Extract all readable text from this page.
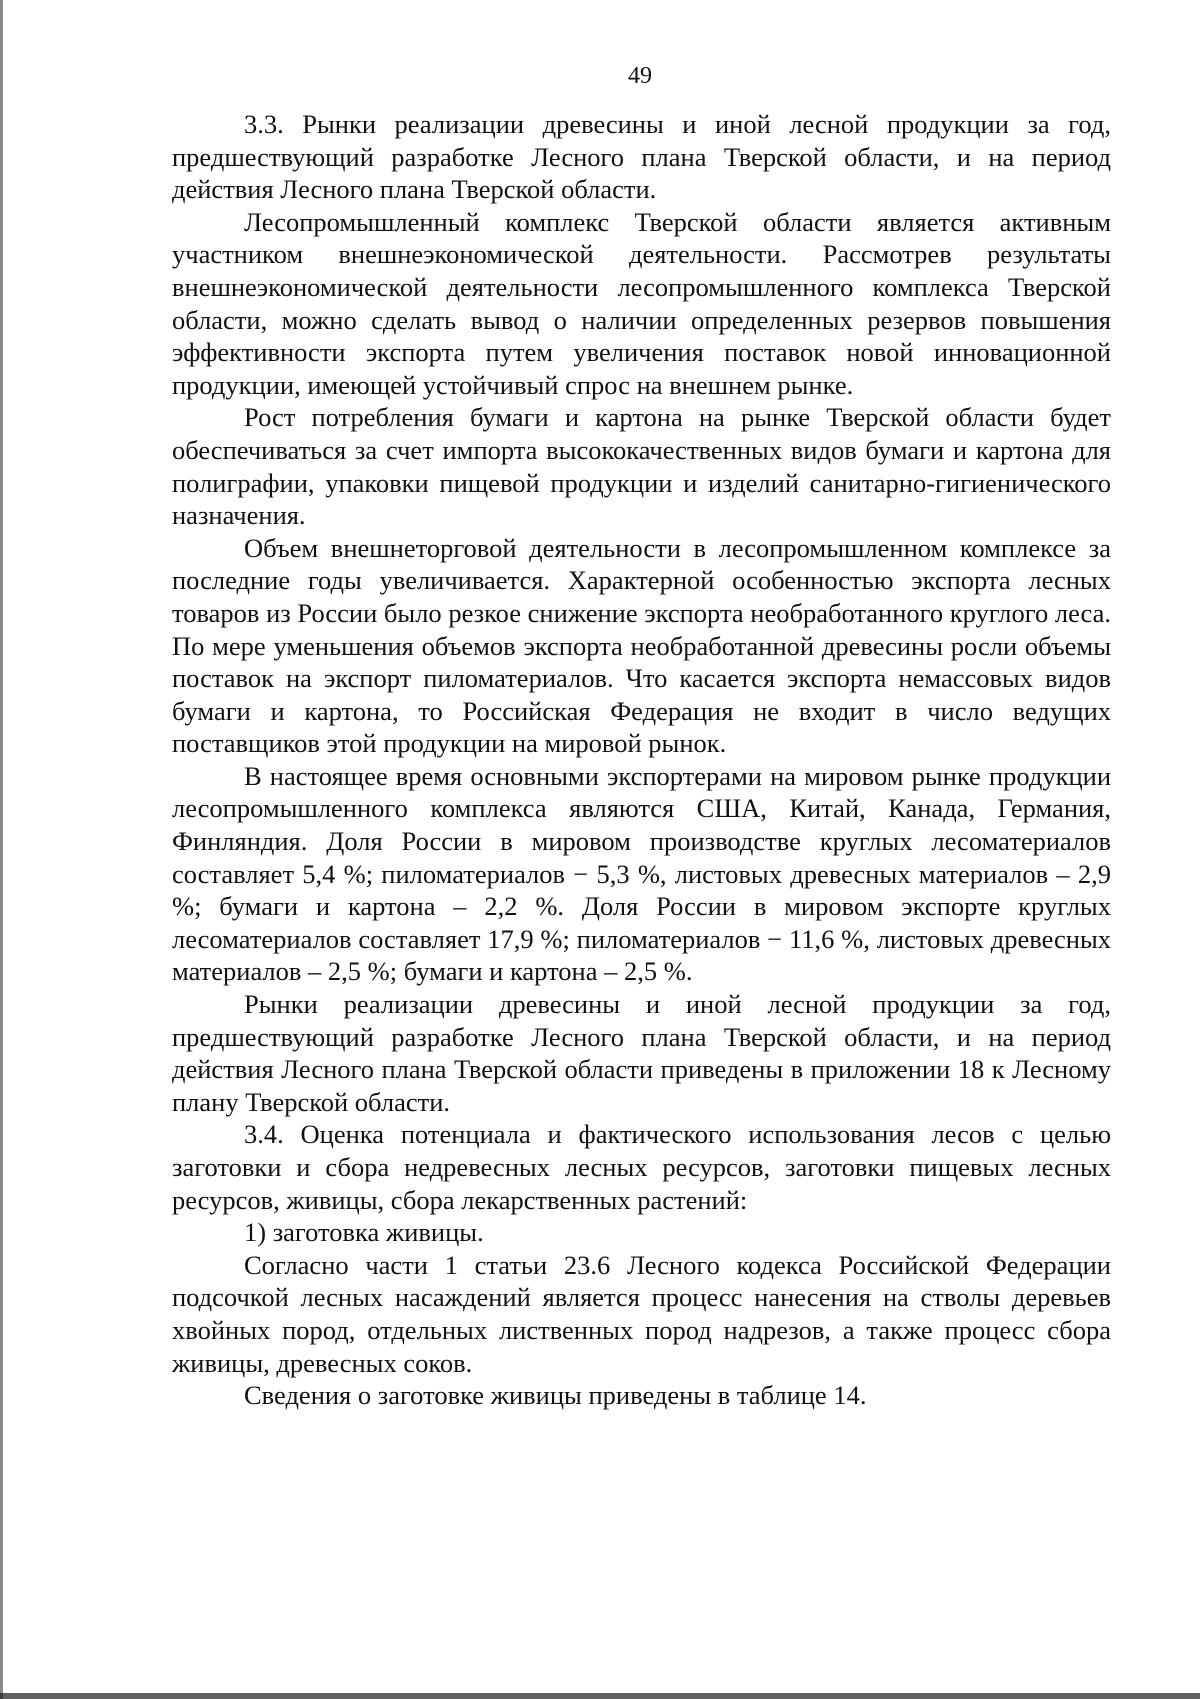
49

3.3. Рынки реализации древесины и иной лесной продукции за год, предшествующий разработке Лесного плана Тверской области, и на период действия Лесного плана Тверской области.

Лесопромышленный комплекс Тверской области является активным участником внешнеэкономической деятельности. Рассмотрев результаты внешнеэкономической деятельности лесопромышленного комплекса Тверской области, можно сделать вывод о наличии определенных резервов повышения эффективности экспорта путем увеличения поставок новой инновационной продукции, имеющей устойчивый спрос на внешнем рынке.

Рост потребления бумаги и картона на рынке Тверской области будет обеспечиваться за счет импорта высококачественных видов бумаги и картона для полиграфии, упаковки пищевой продукции и изделий санитарно-гигиенического назначения.

Объем внешнеторговой деятельности в лесопромышленном комплексе за последние годы увеличивается. Характерной особенностью экспорта лесных товаров из России было резкое снижение экспорта необработанного круглого леса. По мере уменьшения объемов экспорта необработанной древесины росли объемы поставок на экспорт пиломатериалов. Что касается экспорта немассовых видов бумаги и картона, то Российская Федерация не входит в число ведущих поставщиков этой продукции на мировой рынок.

В настоящее время основными экспортерами на мировом рынке продукции лесопромышленного комплекса являются США, Китай, Канада, Германия, Финляндия. Доля России в мировом производстве круглых лесоматериалов составляет 5,4 %; пиломатериалов − 5,3 %, листовых древесных материалов – 2,9 %; бумаги и картона – 2,2 %. Доля России в мировом экспорте круглых лесоматериалов составляет 17,9 %; пиломатериалов − 11,6 %, листовых древесных материалов – 2,5 %; бумаги и картона – 2,5 %.

Рынки реализации древесины и иной лесной продукции за год, предшествующий разработке Лесного плана Тверской области, и на период действия Лесного плана Тверской области приведены в приложении 18 к Лесному плану Тверской области.

3.4. Оценка потенциала и фактического использования лесов с целью заготовки и сбора недревесных лесных ресурсов, заготовки пищевых лесных ресурсов, живицы, сбора лекарственных растений:

1) заготовка живицы.

Согласно части 1 статьи 23.6 Лесного кодекса Российской Федерации подсочкой лесных насаждений является процесс нанесения на стволы деревьев хвойных пород, отдельных лиственных пород надрезов, а также процесс сбора живицы, древесных соков.

Сведения о заготовке живицы приведены в таблице 14.
